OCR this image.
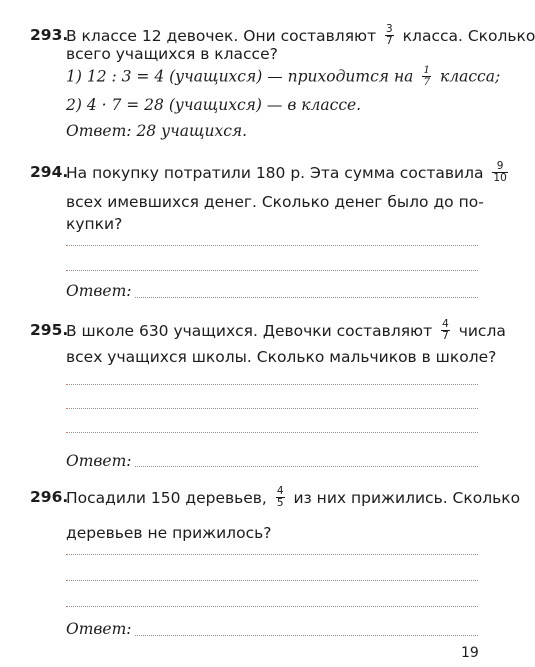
293.
В классе 12 девочек. Они составляют $\frac{3}{7}$ класса. Сколько
всего учащихся в классе?
1) 12 : 3 = 4 (учащихся) — приходится на $\frac{1}{7}$ класса;
2) 4 · 7 = 28 (учащихся) — в классе.
Ответ: 28 учащихся.
294.
На покупку потратили 180 р. Эта сумма составила $\frac{9}{10}$
всех имевшихся денег. Сколько денег было до по-
купки?
Ответ:
295.
В школе 630 учащихся. Девочки составляют $\frac{4}{7}$ числа
всех учащихся школы. Сколько мальчиков в школе?
Ответ:
296.
Посадили 150 деревьев, $\frac{4}{5}$ из них прижились. Сколько
деревьев не прижилось?
Ответ:
19
